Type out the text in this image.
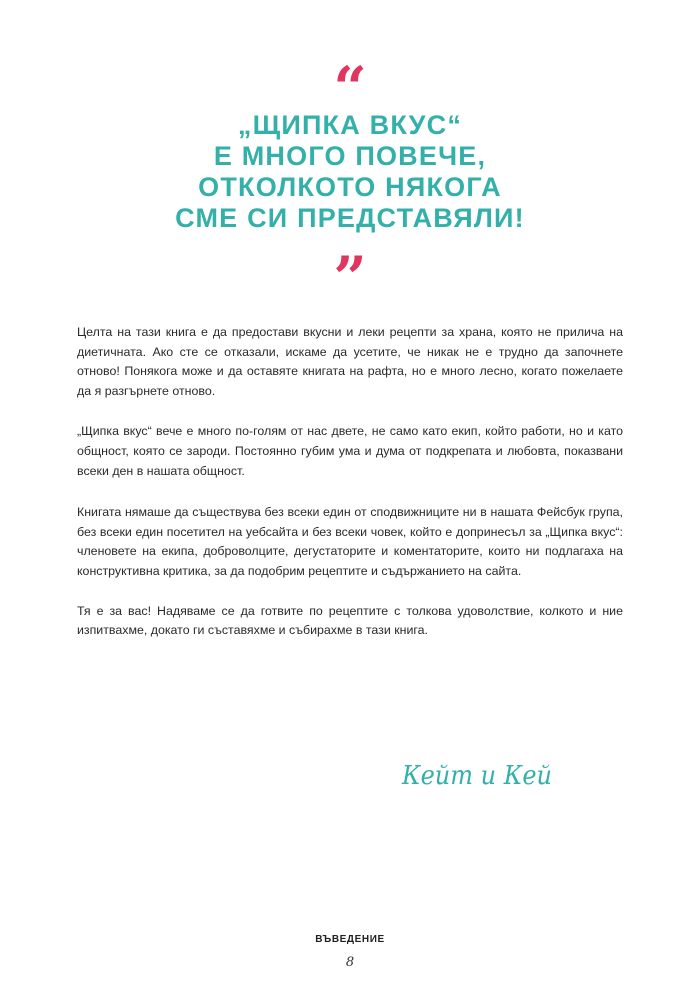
“
„ЩИПКА ВКУС“
Е МНОГО ПОВЕЧЕ,
ОТКОЛКОТО НЯКОГА
СМЕ СИ ПРЕДСТАВЯЛИ!
”

Целта на тази книга е да предостави вкусни и леки рецепти за храна, която не прилича на диетичната. Ако сте се отказали, искаме да усетите, че никак не е трудно да започнете отново! Понякога може и да оставяте книгата на рафта, но е много лесно, когато пожелаете да я разгърнете отново.

„Щипка вкус“ вече е много по-голям от нас двете, не само като екип, който работи, но и като общност, която се зароди. Постоянно губим ума и дума от подкрепата и любовта, показвани всеки ден в нашата общност.

Книгата нямаше да съществува без всеки един от сподвижниците ни в нашата Фейсбук група, без всеки един посетител на уебсайта и без всеки човек, който е допринесъл за „Щипка вкус“: членовете на екипа, доброволците, дегустаторите и коментаторите, които ни подлагаха на конструктивна критика, за да подобрим рецептите и съдържанието на сайта.

Тя е за вас! Надяваме се да готвите по рецептите с толкова удоволствие, колкото и ние изпитвахме, докато ги съставяхме и събирахме в тази книга.

Кейт и Кей
ВЪВЕДЕНИЕ
8
